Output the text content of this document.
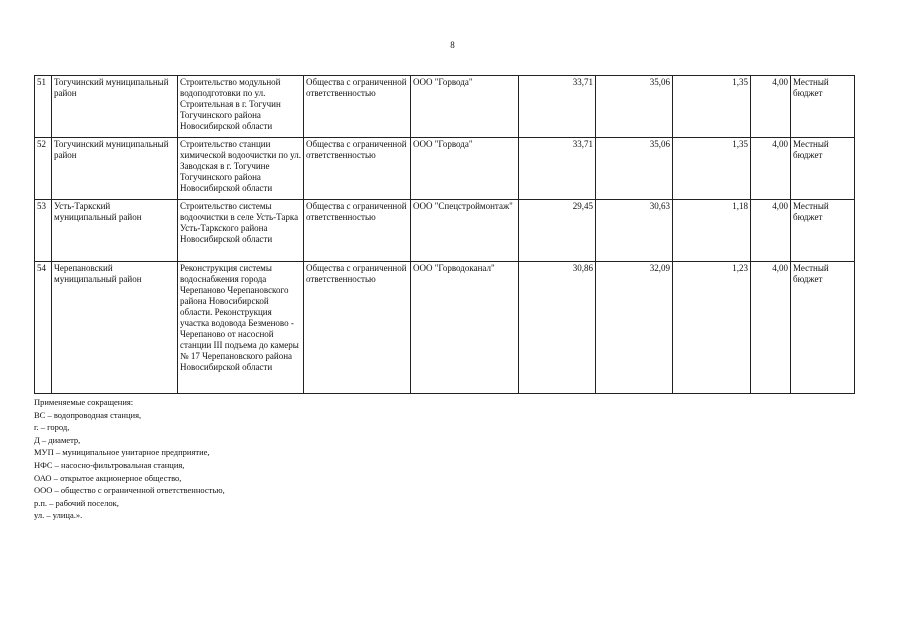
8
51	Тогучинский муниципальный район	Строительство модульной водоподготовки по ул. Строительная в г. Тогучин Тогучинского района Новосибирской области	Общества с ограниченной ответственностью	ООО "Горвода"	33,71	35,06	1,35	4,00	Местный бюджет
52	Тогучинский муниципальный район	Строительство станции химической водоочистки по ул. Заводская в г. Тогучине Тогучинского района Новосибирской области	Общества с ограниченной ответственностью	ООО "Горвода"	33,71	35,06	1,35	4,00	Местный бюджет
53	Усть-Таркский муниципальный район	Строительство системы водоочистки в селе Усть-Тарка Усть-Таркского района Новосибирской области	Общества с ограниченной ответственностью	ООО "Спецстроймонтаж"	29,45	30,63	1,18	4,00	Местный бюджет
54	Черепановский муниципальный район	Реконструкция системы водоснабжения города Черепаново Черепановского района Новосибирской области. Реконструкция участка водовода Безменово - Черепаново от насосной станции III подъема до камеры № 17 Черепановского района Новосибирской области	Общества с ограниченной ответственностью	ООО "Горводоканал"	30,86	32,09	1,23	4,00	Местный бюджет
Применяемые сокращения:
ВС – водопроводная станция,
г. – город,
Д – диаметр,
МУП – муниципальное унитарное предприятие,
НФС – насосно-фильтровальная станция,
ОАО – открытое акционерное общество,
ООО – общество с ограниченной ответственностью,
р.п. – рабочий поселок,
ул. – улица.».
